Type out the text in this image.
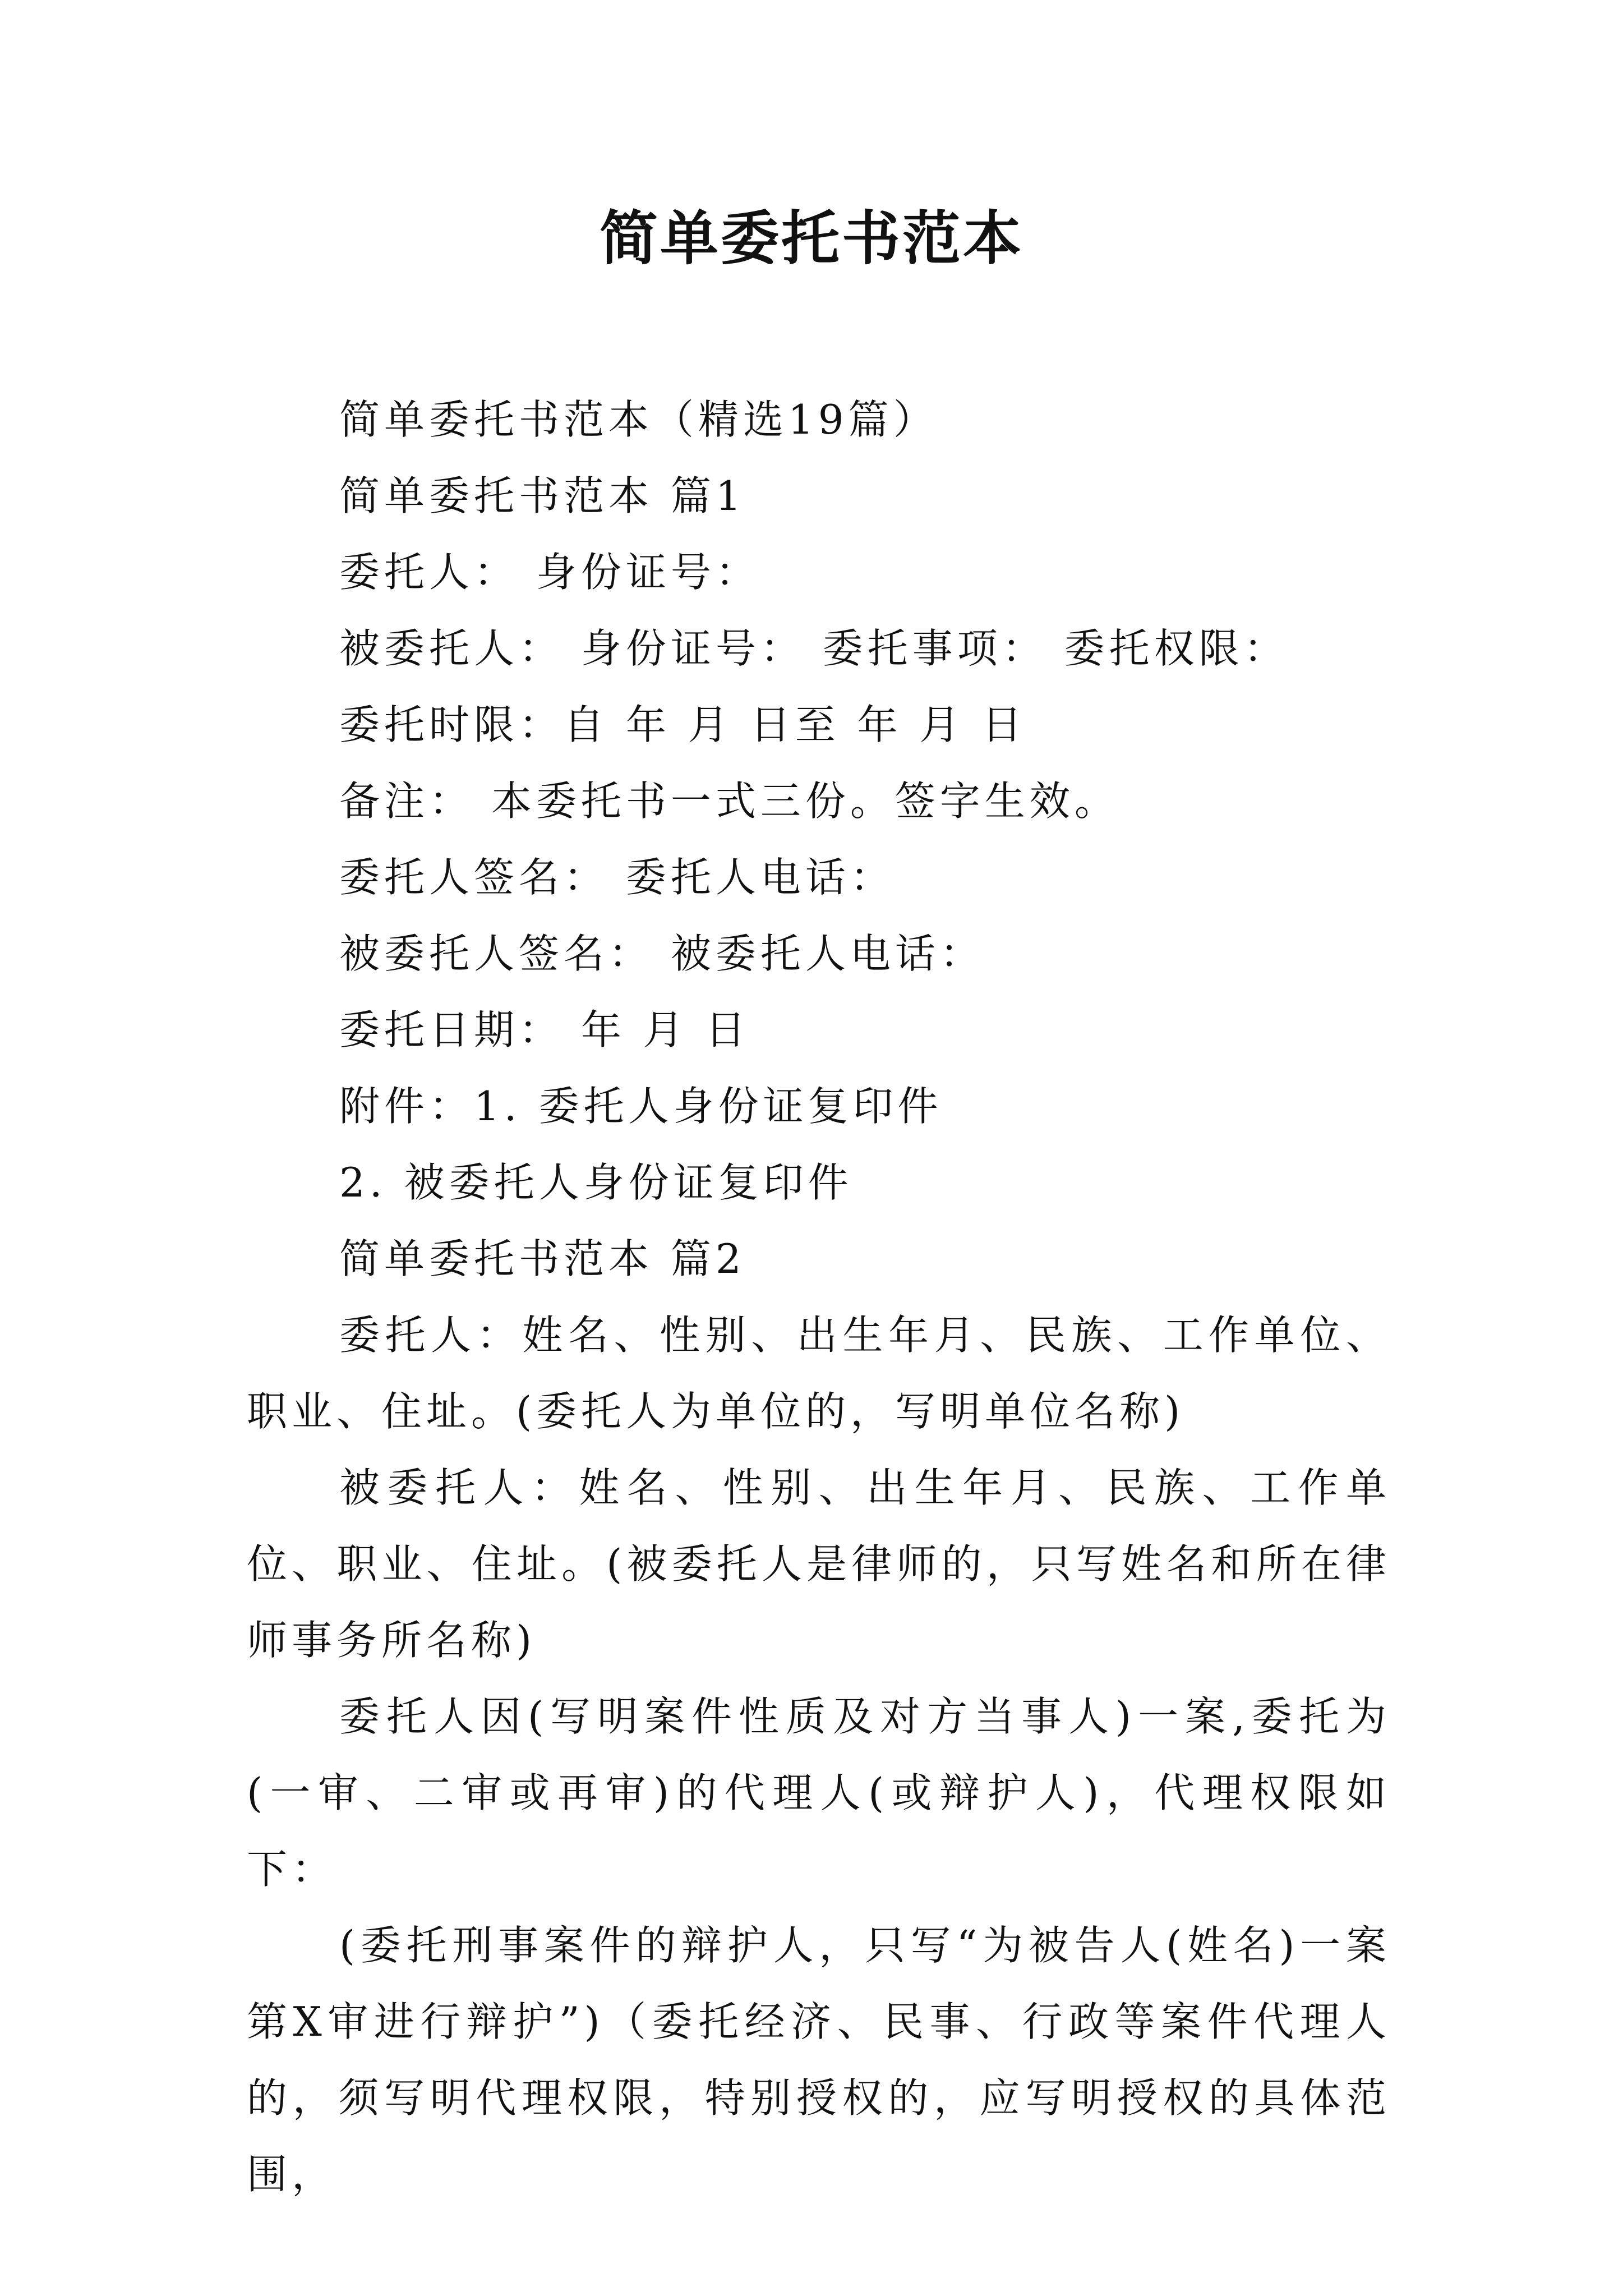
简单委托书范本

简单委托书范本（精选19篇）

简单委托书范本 篇1

委托人： 身份证号：

被委托人： 身份证号： 委托事项： 委托权限：

委托时限：自 年 月 日至 年 月 日

备注： 本委托书一式三份。签字生效。

委托人签名： 委托人电话：

被委托人签名： 被委托人电话：

委托日期： 年 月 日

附件：1. 委托人身份证复印件

2. 被委托人身份证复印件

简单委托书范本 篇2

委托人：姓名、性别、出生年月、民族、工作单位、职业、住址。(委托人为单位的，写明单位名称)

被委托人：姓名、性别、出生年月、民族、工作单位、职业、住址。(被委托人是律师的，只写姓名和所在律师事务所名称)

委托人因(写明案件性质及对方当事人)一案,委托为(一审、二审或再审)的代理人(或辩护人)，代理权限如下：

(委托刑事案件的辩护人，只写“为被告人(姓名)一案第X审进行辩护”)（委托经济、民事、行政等案件代理人的，须写明代理权限，特别授权的，应写明授权的具体范围，
